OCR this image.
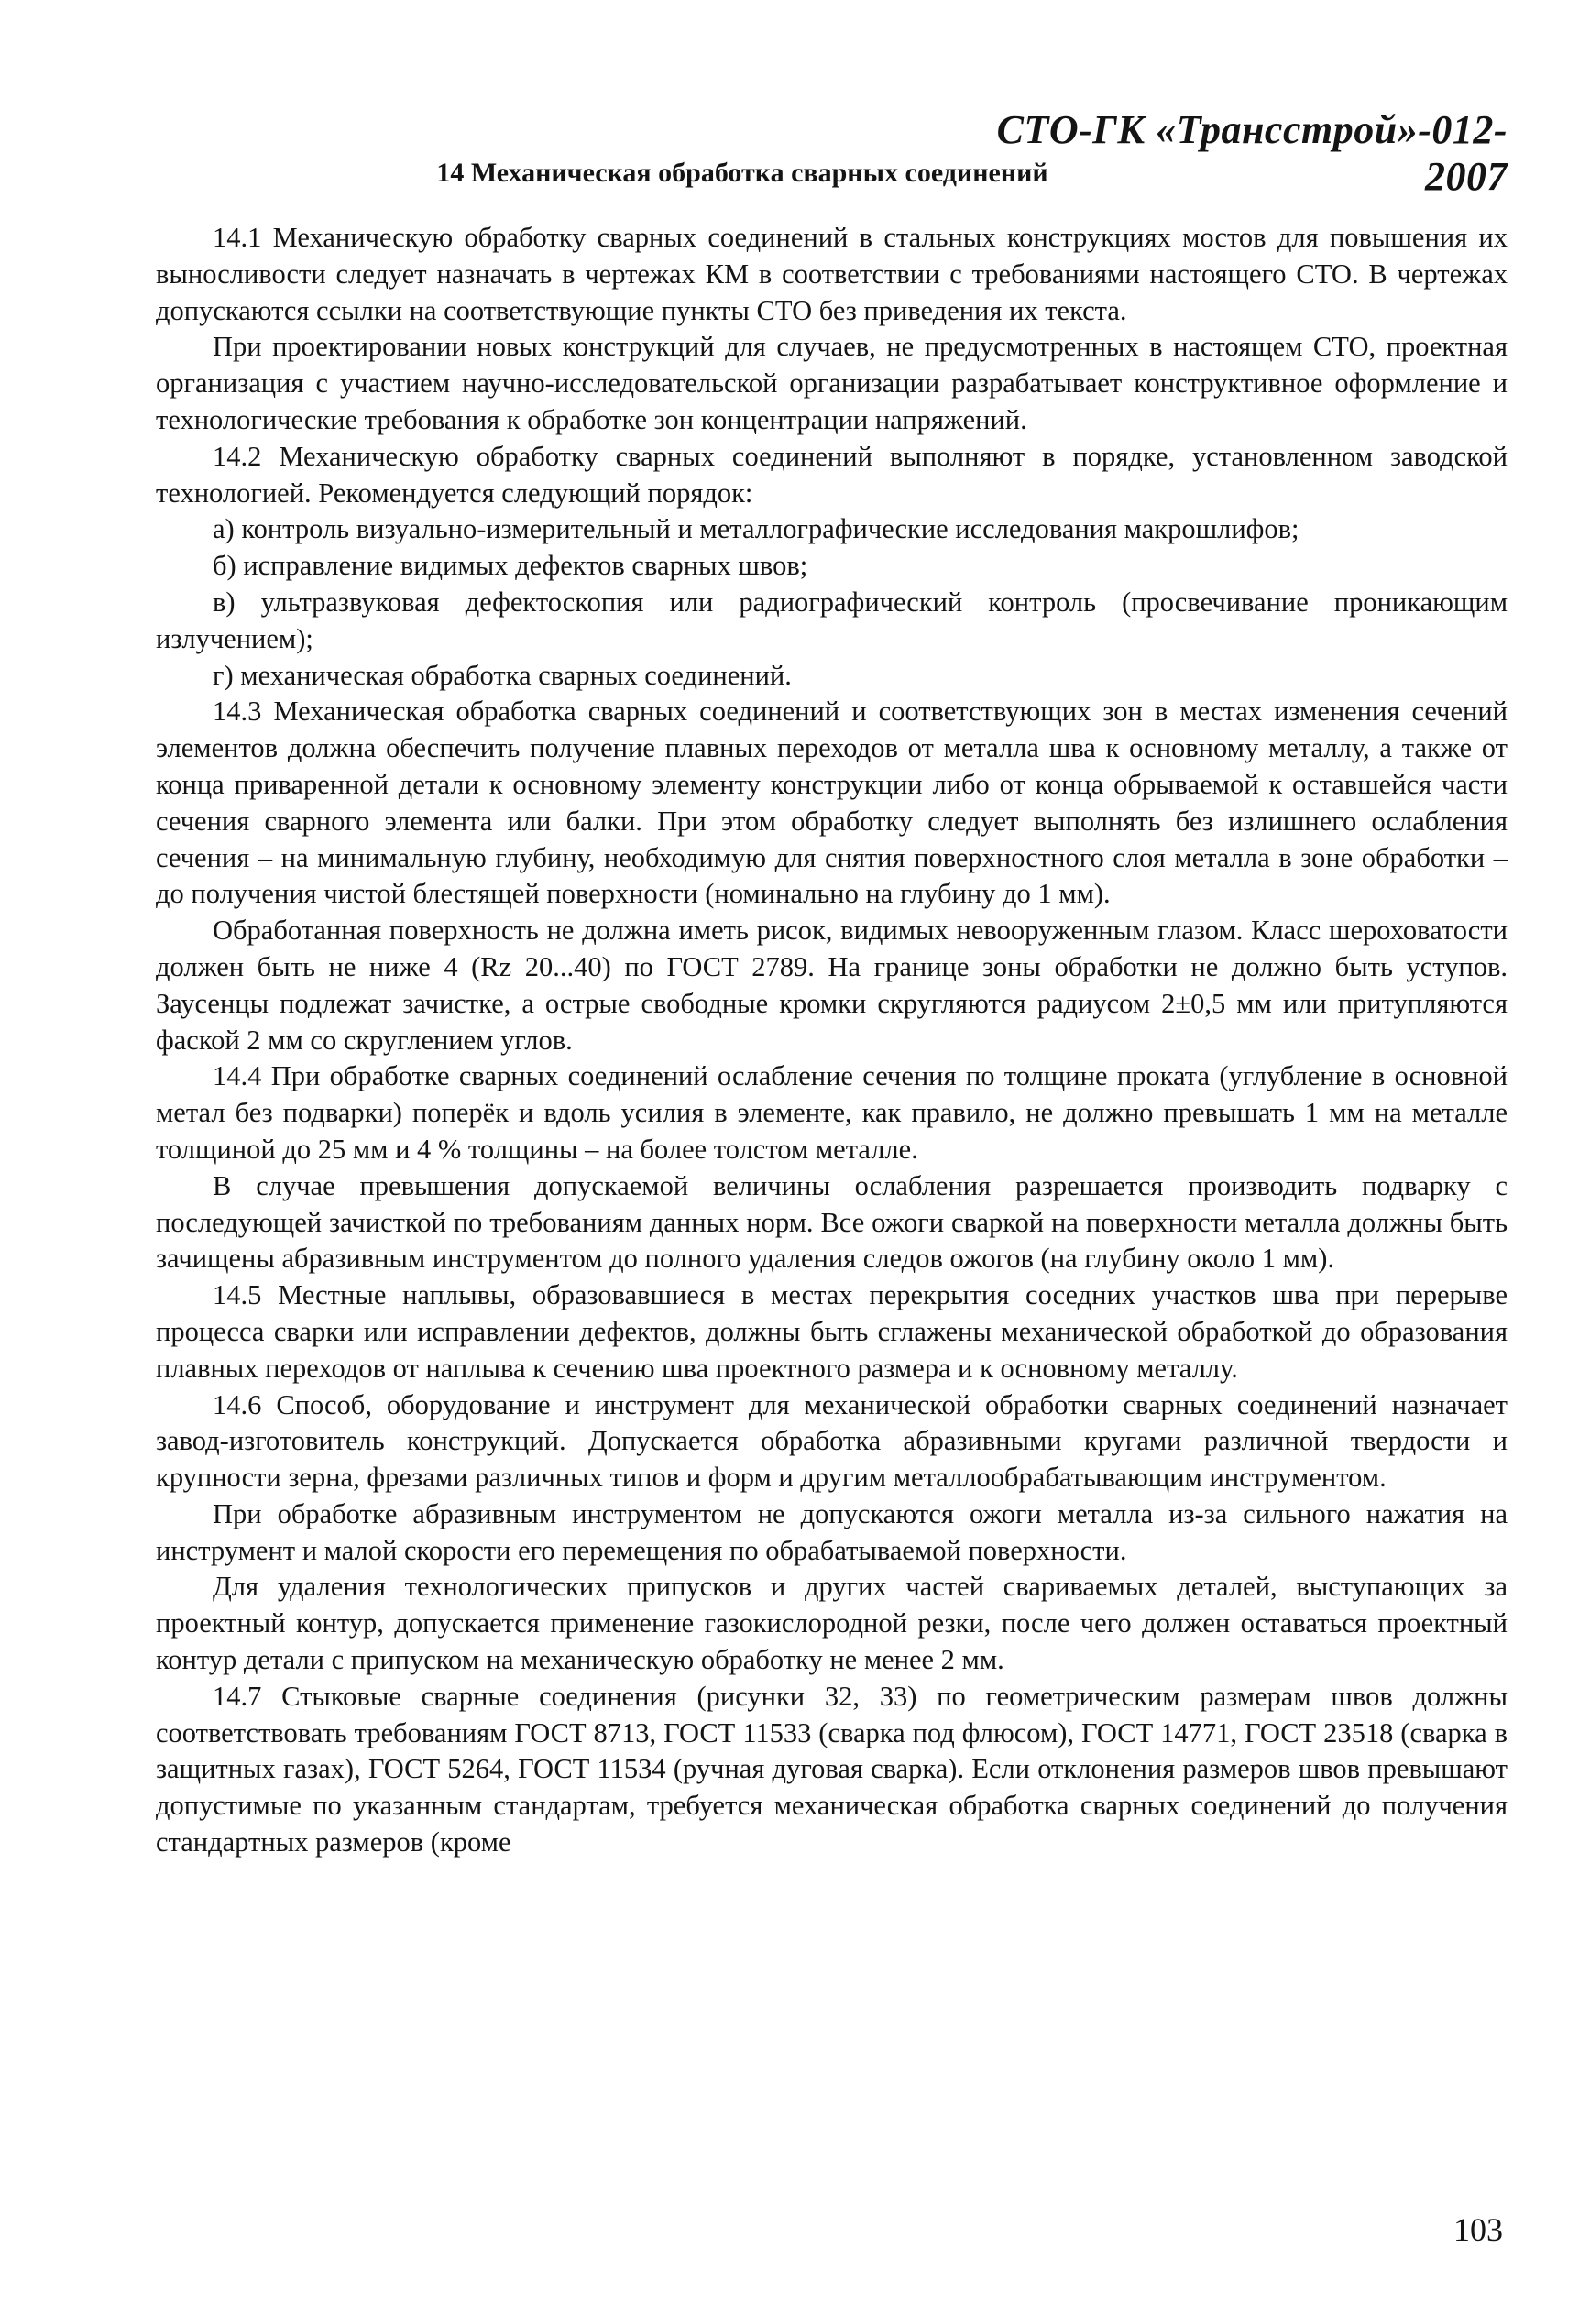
СТО-ГК «Трансстрой»-012-2007
14 Механическая обработка сварных соединений

14.1 Механическую обработку сварных соединений в стальных конструкциях мостов для повышения их выносливости следует назначать в чертежах КМ в соответствии с требованиями настоящего СТО. В чертежах допускаются ссылки на соответствующие пункты СТО без приведения их текста.

При проектировании новых конструкций для случаев, не предусмотренных в настоящем СТО, проектная организация с участием научно-исследовательской организации разрабатывает конструктивное оформление и технологические требования к обработке зон концентрации напряжений.

14.2 Механическую обработку сварных соединений выполняют в порядке, установленном заводской технологией. Рекомендуется следующий порядок:

а) контроль визуально-измерительный и металлографические исследования макрошлифов;

б) исправление видимых дефектов сварных швов;

в) ультразвуковая дефектоскопия или радиографический контроль (просвечивание проникающим излучением);

г) механическая обработка сварных соединений.

14.3 Механическая обработка сварных соединений и соответствующих зон в местах изменения сечений элементов должна обеспечить получение плавных переходов от металла шва к основному металлу, а также от конца приваренной детали к основному элементу конструкции либо от конца обрываемой к оставшейся части сечения сварного элемента или балки. При этом обработку следует выполнять без излишнего ослабления сечения – на минимальную глубину, необходимую для снятия поверхностного слоя металла в зоне обработки – до получения чистой блестящей поверхности (номинально на глубину до 1 мм).

Обработанная поверхность не должна иметь рисок, видимых невооруженным глазом. Класс шероховатости должен быть не ниже 4 (Rz 20...40) по ГОСТ 2789. На границе зоны обработки не должно быть уступов. Заусенцы подлежат зачистке, а острые свободные кромки скругляются радиусом 2±0,5 мм или притупляются фаской 2 мм со скруглением углов.

14.4 При обработке сварных соединений ослабление сечения по толщине проката (углубление в основной метал без подварки) поперёк и вдоль усилия в элементе, как правило, не должно превышать 1 мм на металле толщиной до 25 мм и 4 % толщины – на более толстом металле.

В случае превышения допускаемой величины ослабления разрешается производить подварку с последующей зачисткой по требованиям данных норм. Все ожоги сваркой на поверхности металла должны быть зачищены абразивным инструментом до полного удаления следов ожогов (на глубину около 1 мм).

14.5 Местные наплывы, образовавшиеся в местах перекрытия соседних участков шва при перерыве процесса сварки или исправлении дефектов, должны быть сглажены механической обработкой до образования плавных переходов от наплыва к сечению шва проектного размера и к основному металлу.

14.6 Способ, оборудование и инструмент для механической обработки сварных соединений назначает завод-изготовитель конструкций. Допускается обработка абразивными кругами различной твердости и крупности зерна, фрезами различных типов и форм и другим металлообрабатывающим инструментом.

При обработке абразивным инструментом не допускаются ожоги металла из-за сильного нажатия на инструмент и малой скорости его перемещения по обрабатываемой поверхности.

Для удаления технологических припусков и других частей свариваемых деталей, выступающих за проектный контур, допускается применение газокислородной резки, после чего должен оставаться проектный контур детали с припуском на механическую обработку не менее 2 мм.

14.7 Стыковые сварные соединения (рисунки 32, 33) по геометрическим размерам швов должны соответствовать требованиям ГОСТ 8713, ГОСТ 11533 (сварка под флюсом), ГОСТ 14771, ГОСТ 23518 (сварка в защитных газах), ГОСТ 5264, ГОСТ 11534 (ручная дуговая сварка). Если отклонения размеров швов превышают допустимые по указанным стандартам, требуется механическая обработка сварных соединений до получения стандартных размеров (кроме

103
